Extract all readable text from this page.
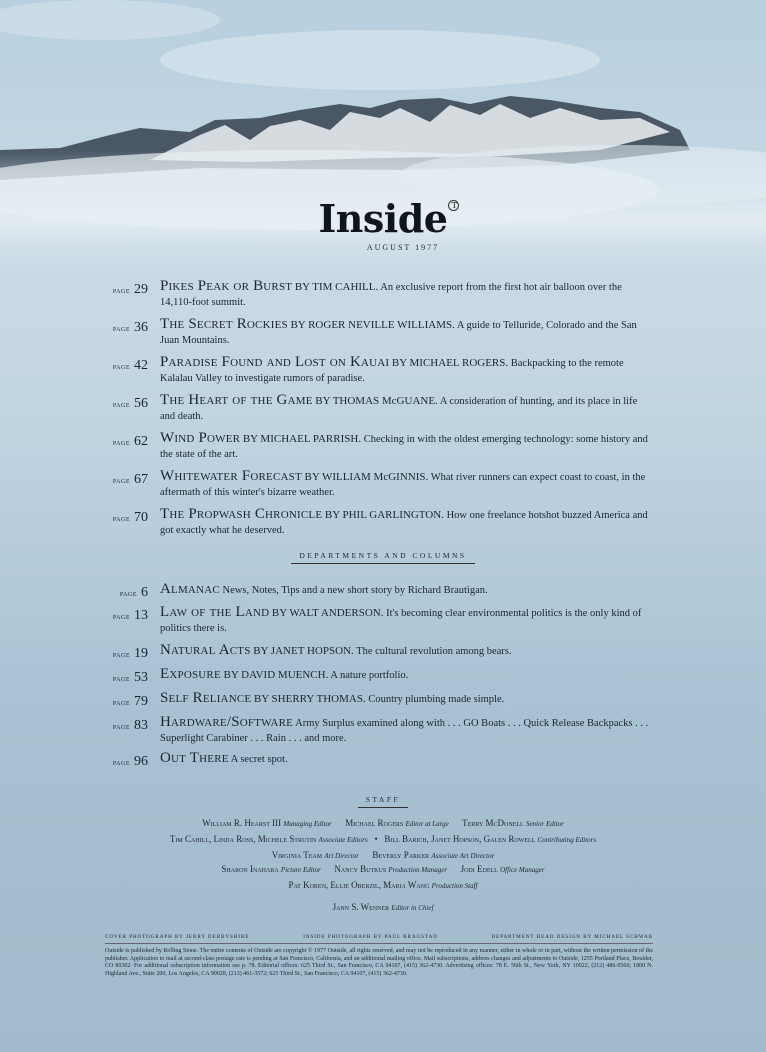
Inside T
AUGUST 1977
PAGE 29 Pikes Peak or Burst BY TIM CAHILL. An exclusive report from the first hot air balloon over the 14,110-foot summit.
PAGE 36 The Secret Rockies BY ROGER NEVILLE WILLIAMS. A guide to Telluride, Colorado and the San Juan Mountains.
PAGE 42 Paradise Found and Lost on Kauai BY MICHAEL ROGERS. Backpacking to the remote Kalalau Valley to investigate rumors of paradise.
PAGE 56 The Heart of the Game BY THOMAS McGUANE. A consideration of hunting, and its place in life and death.
PAGE 62 Wind Power BY MICHAEL PARRISH. Checking in with the oldest emerging technology: some history and the state of the art.
PAGE 67 Whitewater Forecast BY WILLIAM McGINNIS. What river runners can expect coast to coast, in the aftermath of this winter's bizarre weather.
PAGE 70 The Propwash Chronicle BY PHIL GARLINGTON. How one freelance hotshot buzzed America and got exactly what he deserved.
DEPARTMENTS AND COLUMNS
PAGE 6 Almanac News, Notes, Tips and a new short story by Richard Brautigan.
PAGE 13 Law of the Land BY WALT ANDERSON. It's becoming clear environmental politics is the only kind of politics there is.
PAGE 19 Natural Acts BY JANET HOPSON. The cultural revolution among bears.
PAGE 53 Exposure BY DAVID MUENCH. A nature portfolio.
PAGE 79 Self Reliance BY SHERRY THOMAS. Country plumbing made simple.
PAGE 83 Hardware/Software Army Surplus examined along with . . . GO Boats . . . Quick Release Backpacks . . . Superlight Carabiner . . . Rain . . . and more.
PAGE 96 Out There A secret spot.
STAFF
William R. Hearst III Managing Editor Michael Rogers Editor at Large Terry McDonell Senior Editor
Tim Cahill, Linda Ross, Michele Strutin Associate Editors   •   Bill Barich, Janet Hopson, Galen Rowell Contributing Editors
Virginia Team Art Director Beverly Parker Associate Art Director
Sharon Inahara Picture Editor Nancy Butkus Production Manager Jodi Edell Office Manager
Pat Koren, Ellie Oberzil, Maria Wang Production Staff
Jann S. Wenner Editor in Chief
COVER PHOTOGRAPH BY JERRY DERBYSHIRE	INSIDE PHOTOGRAPH BY PAUL BRAGSTAD	DEPARTMENT HEAD DESIGN BY MICHAEL SCHWAB
Outside is published by Rolling Stone. The entire contents of Outside are copyright © 1977 Outside, all rights reserved, and may not be reproduced in any manner, either in whole or in part, without the written permission of the publisher. Application to mail at second-class postage rate is pending at San Francisco, California, and an additional mailing office. Mail subscriptions, address changes and adjustments to Outside, 1255 Portland Place, Boulder, CO 80302. For additional subscription information see p. 78. Editorial offices: 625 Third St., San Francisco, CA 94107, (415) 362-4730. Advertising offices: 78 E. 56th St., New York, NY 10022, (212) 486-9560; 1800 N. Highland Ave., Suite 200, Los Angeles, CA 90028, (213) 461-3572; 625 Third St., San Francisco, CA 94107, (415) 362-4730.
